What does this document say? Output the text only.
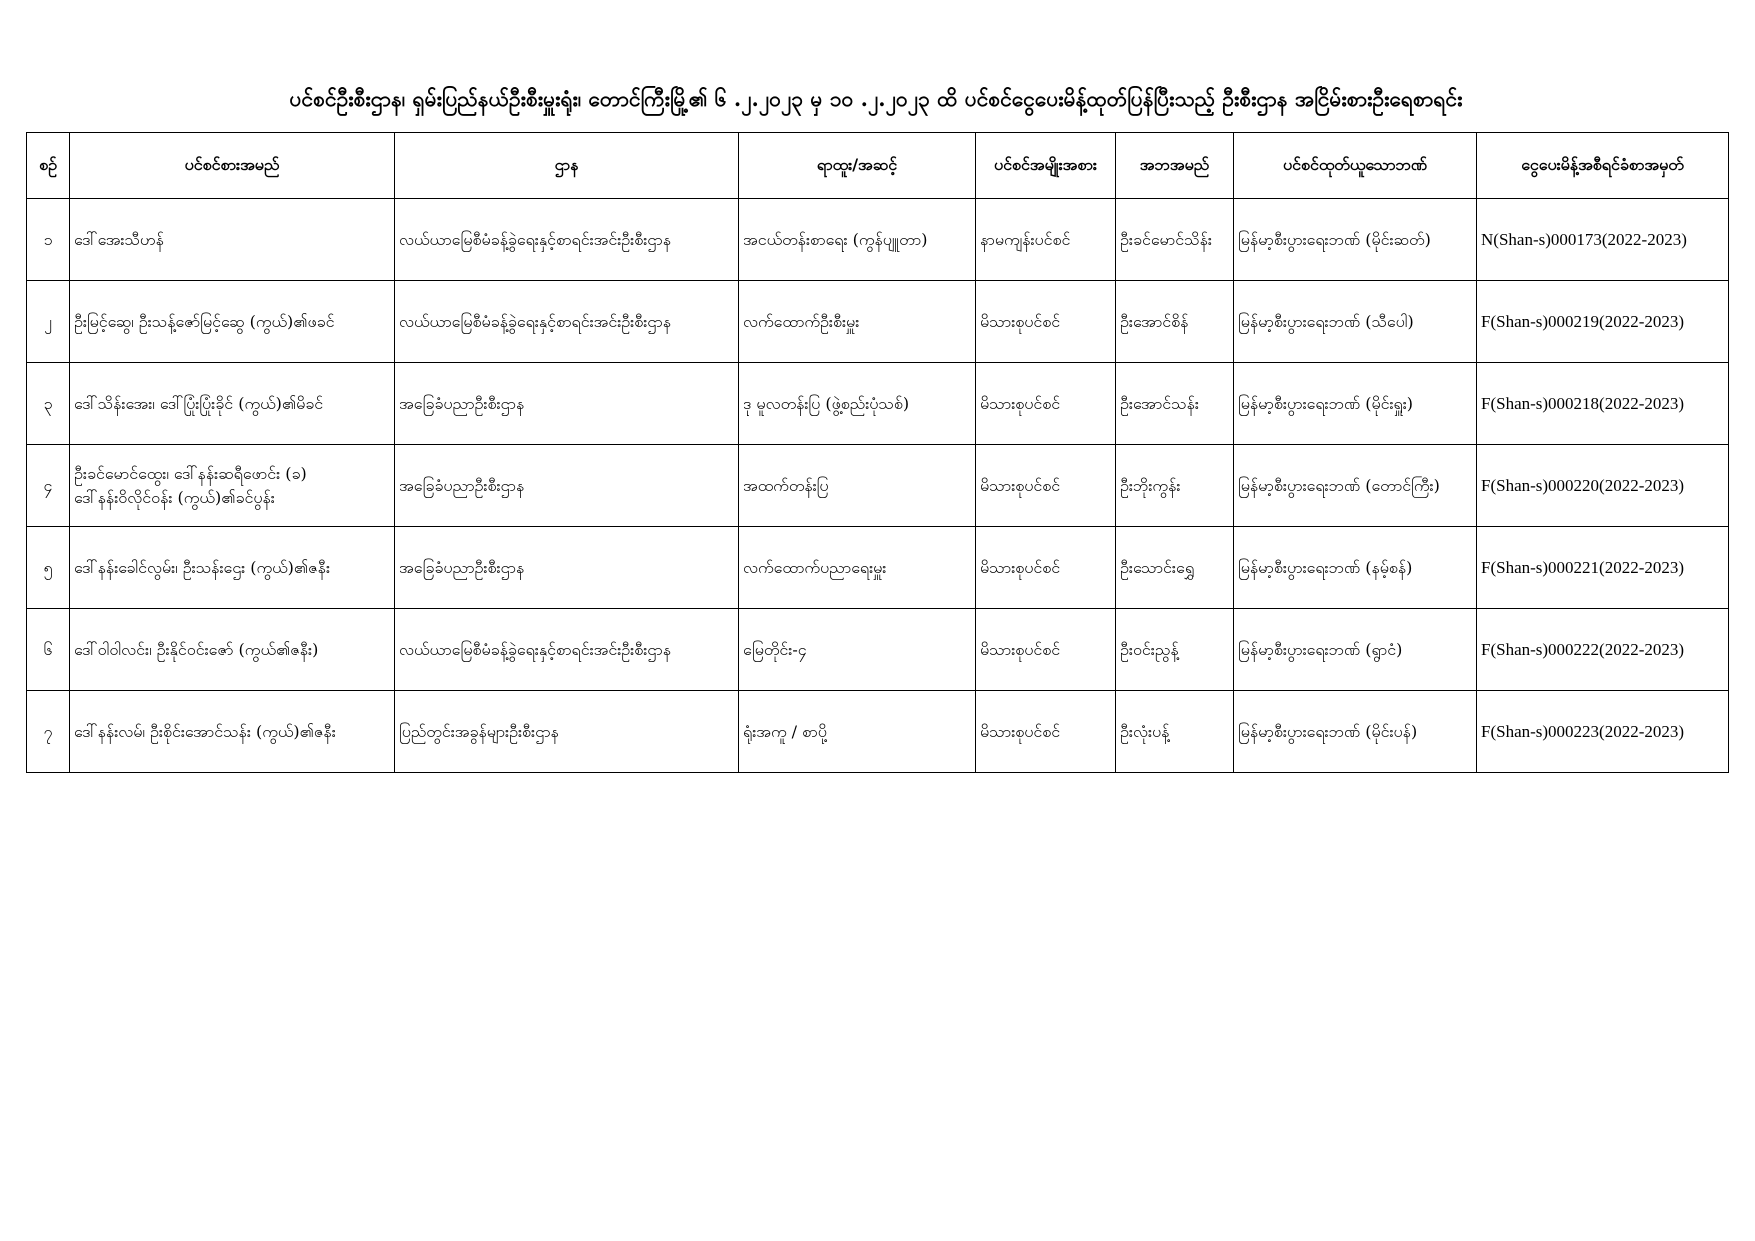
ပင်စင်ဦးစီးဌာန၊ ရှမ်းပြည်နယ်ဦးစီးမှူးရုံး၊ တောင်ကြီးမြို့၏ ၆ .၂.၂၀၂၃ မှ ၁၀ .၂.၂၀၂၃ ထိ ပင်စင်ငွေပေးမိန့်ထုတ်ပြန်ပြီးသည့် ဦးစီးဌာန အငြိမ်းစားဦးရေစာရင်း
စဉ်	ပင်စင်စားအမည်	ဌာန	ရာထူး/အဆင့်	ပင်စင်အမျိုးအစား	အဘအမည်	ပင်စင်ထုတ်ယူသောဘဏ်	ငွေပေးမိန့်အစီရင်ခံစာအမှတ်
၁	ဒေါ်အေးသီဟန်	လယ်ယာမြေစီမံခန့်ခွဲရေးနှင့်စာရင်းအင်းဦးစီးဌာန	အငယ်တန်းစာရေး (ကွန်ပျူတာ)	နာမကျန်းပင်စင်	ဦးခင်မောင်သိန်း	မြန်မာ့စီးပွားရေးဘဏ် (မိုင်းဆတ်)	N(Shan-s)000173(2022-2023)
၂	ဦးမြင့်ဆွေ၊ ဦးသန့်ဇော်မြင့်ဆွေ (ကွယ်)၏ဖခင်	လယ်ယာမြေစီမံခန့်ခွဲရေးနှင့်စာရင်းအင်းဦးစီးဌာန	လက်ထောက်ဦးစီးမှူး	မိသားစုပင်စင်	ဦးအောင်စိန်	မြန်မာ့စီးပွားရေးဘဏ် (သီပေါ)	F(Shan-s)000219(2022-2023)
၃	ဒေါ်သိန်းအေး၊ ဒေါ်ပြုံးပြုံးခိုင် (ကွယ်)၏မိခင်	အခြေခံပညာဦးစီးဌာန	ဒု မူလတန်းပြ (ဖွဲ့စည်းပုံသစ်)	မိသားစုပင်စင်	ဦးအောင်သန်း	မြန်မာ့စီးပွားရေးဘဏ် (မိုင်းရှူး)	F(Shan-s)000218(2022-2023)
၄	ဦးခင်မောင်ထွေး၊ ဒေါ်နန်းဆရီဖောင်း (ခ)
ဒေါ်နန်းဝိလိုင်ဝန်း (ကွယ်)၏ခင်ပွန်း	အခြေခံပညာဦးစီးဌာန	အထက်တန်းပြ	မိသားစုပင်စင်	ဦးဘိုးကွန်း	မြန်မာ့စီးပွားရေးဘဏ် (တောင်ကြီး)	F(Shan-s)000220(2022-2023)
၅	ဒေါ်နန်းခေါင်လွမ်း၊ ဦးသန်းဌေး (ကွယ်)၏ဇနီး	အခြေခံပညာဦးစီးဌာန	လက်ထောက်ပညာရေးမှူး	မိသားစုပင်စင်	ဦးသောင်းရွှေ	မြန်မာ့စီးပွားရေးဘဏ် (နမ့်စန်)	F(Shan-s)000221(2022-2023)
၆	ဒေါ်ဝါဝါလင်း၊ ဦးနိုင်ဝင်းဇော် (ကွယ်၏ဇနီး)	လယ်ယာမြေစီမံခန့်ခွဲရေးနှင့်စာရင်းအင်းဦးစီးဌာန	မြေတိုင်း-၄	မိသားစုပင်စင်	ဦးဝင်းညွန့်	မြန်မာ့စီးပွားရေးဘဏ် (ရွာငံ)	F(Shan-s)000222(2022-2023)
၇	ဒေါ်နန်းလမ်၊ ဦးစိုင်းအောင်သန်း (ကွယ်)၏ဇနီး	ပြည်တွင်းအခွန်များဦးစီးဌာန	ရုံးအကူ / စာပို့	မိသားစုပင်စင်	ဦးလုံးပန့်	မြန်မာ့စီးပွားရေးဘဏ် (မိုင်းပန်)	F(Shan-s)000223(2022-2023)
